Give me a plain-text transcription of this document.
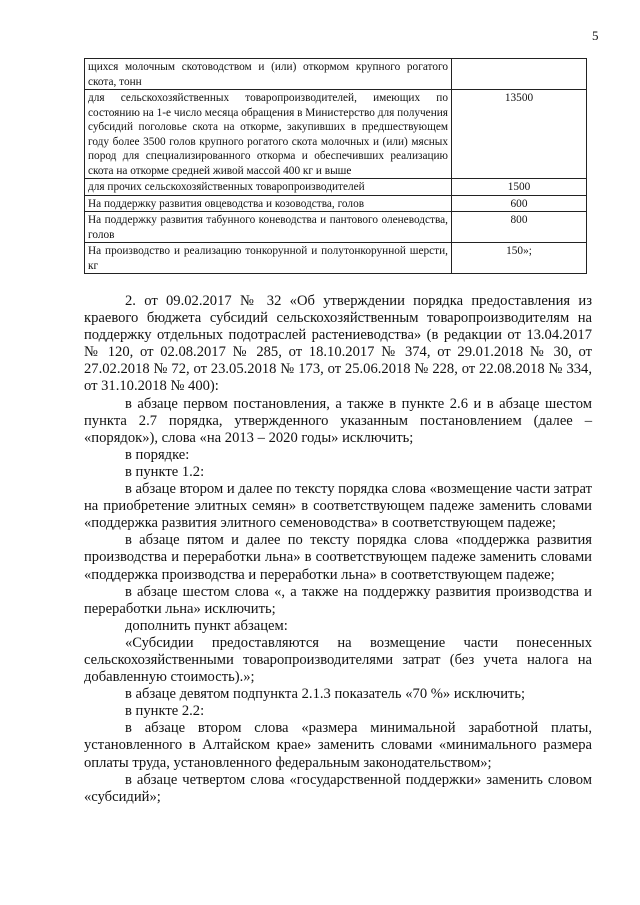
5
щихся молочным скотоводством и (или) откормом крупного рогатого скота, тонн	
для сельскохозяйственных товаропроизводителей, имеющих по состоянию на 1-е число месяца обращения в Министерство для получения субсидий поголовье скота на откорме, закупивших в предшествующем году более 3500 голов крупного рогатого скота молочных и (или) мясных пород для специализированного откорма и обеспечивших реализацию скота на откорме средней живой массой 400 кг и выше	13500
для прочих сельскохозяйственных товаропроизводителей	1500
На поддержку развития овцеводства и козоводства, голов	600
На поддержку развития табунного коневодства и пантового оленеводства, голов	800
На производство и реализацию тонкорунной и полутонкорунной шерсти, кг	150»;

2. от 09.02.2017 № 32 «Об утверждении порядка предоставления из краевого бюджета субсидий сельскохозяйственным товаропроизводителям на поддержку отдельных подотраслей растениеводства» (в редакции от 13.04.2017 № 120, от 02.08.2017 № 285, от 18.10.2017 № 374, от 29.01.2018 № 30, от 27.02.2018 № 72, от 23.05.2018 № 173, от 25.06.2018 № 228, от 22.08.2018 № 334, от 31.10.2018 № 400):

в абзаце первом постановления, а также в пункте 2.6 и в абзаце шестом пункта 2.7 порядка, утвержденного указанным постановлением (далее – «порядок»), слова «на 2013 – 2020 годы» исключить;

в порядке:

в пункте 1.2:

в абзаце втором и далее по тексту порядка слова «возмещение части затрат на приобретение элитных семян» в соответствующем падеже заменить словами «поддержка развития элитного семеноводства» в соответствующем падеже;

в абзаце пятом и далее по тексту порядка слова «поддержка развития производства и переработки льна» в соответствующем падеже заменить словами «поддержка производства и переработки льна» в соответствующем падеже;

в абзаце шестом слова «, а также на поддержку развития производства и переработки льна» исключить;

дополнить пункт абзацем:

«Субсидии предоставляются на возмещение части понесенных сельскохозяйственными товаропроизводителями затрат (без учета налога на добавленную стоимость).»;

в абзаце девятом подпункта 2.1.3 показатель «70 %» исключить;

в пункте 2.2:

в абзаце втором слова «размера минимальной заработной платы, установленного в Алтайском крае» заменить словами «минимального размера оплаты труда, установленного федеральным законодательством»;

в абзаце четвертом слова «государственной поддержки» заменить словом «субсидий»;
